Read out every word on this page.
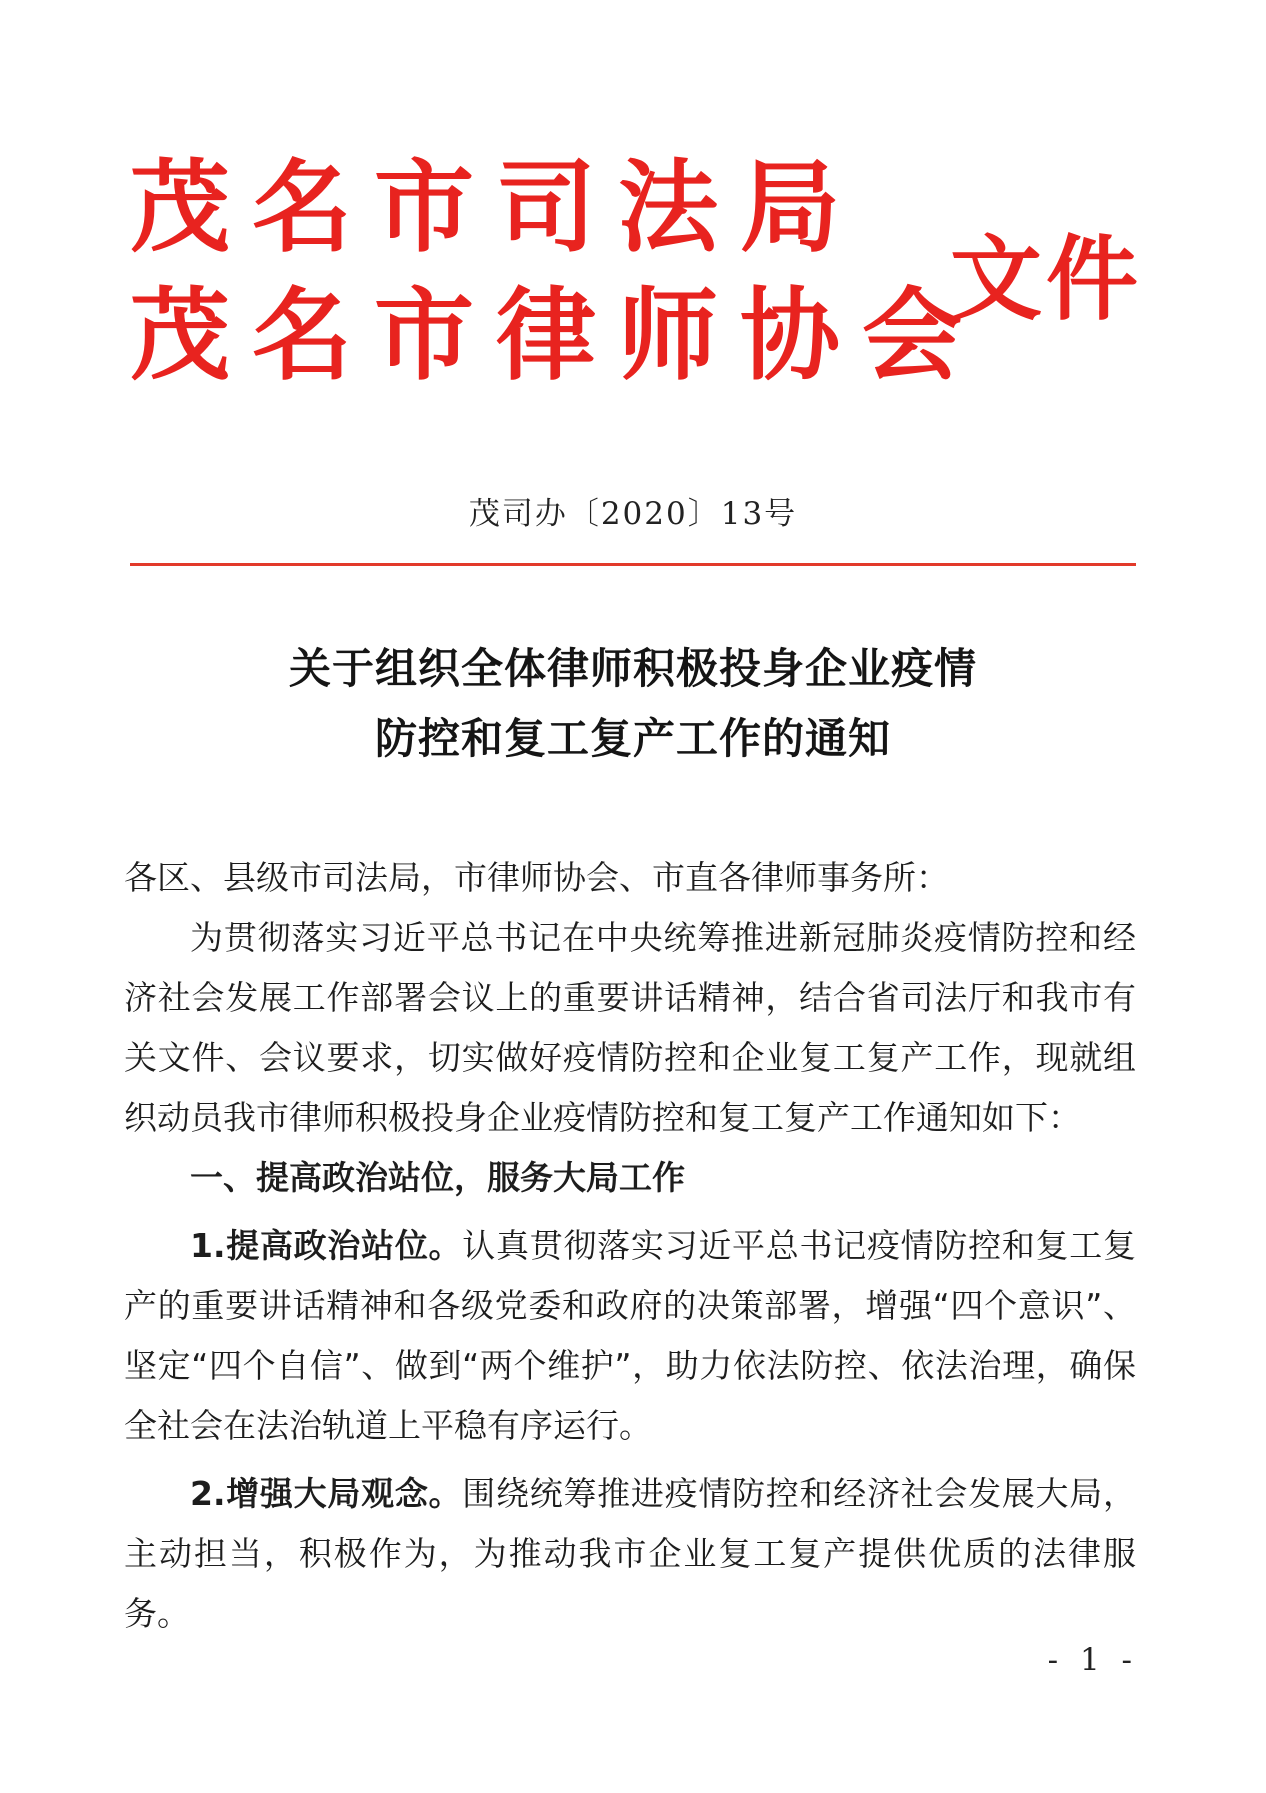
茂名市司法局
茂名市律师协会
文件
茂司办〔2020〕13号
关于组织全体律师积极投身企业疫情
防控和复工复产工作的通知

各区、县级市司法局，市律师协会、市直各律师事务所：

为贯彻落实习近平总书记在中央统筹推进新冠肺炎疫情防控和经济社会发展工作部署会议上的重要讲话精神，结合省司法厅和我市有关文件、会议要求，切实做好疫情防控和企业复工复产工作，现就组织动员我市律师积极投身企业疫情防控和复工复产工作通知如下：

一、提高政治站位，服务大局工作

1.提高政治站位。认真贯彻落实习近平总书记疫情防控和复工复产的重要讲话精神和各级党委和政府的决策部署，增强“四个意识”、坚定“四个自信”、做到“两个维护”，助力依法防控、依法治理，确保全社会在法治轨道上平稳有序运行。

2.增强大局观念。围绕统筹推进疫情防控和经济社会发展大局，主动担当，积极作为，为推动我市企业复工复产提供优质的法律服务。

- 1 -
